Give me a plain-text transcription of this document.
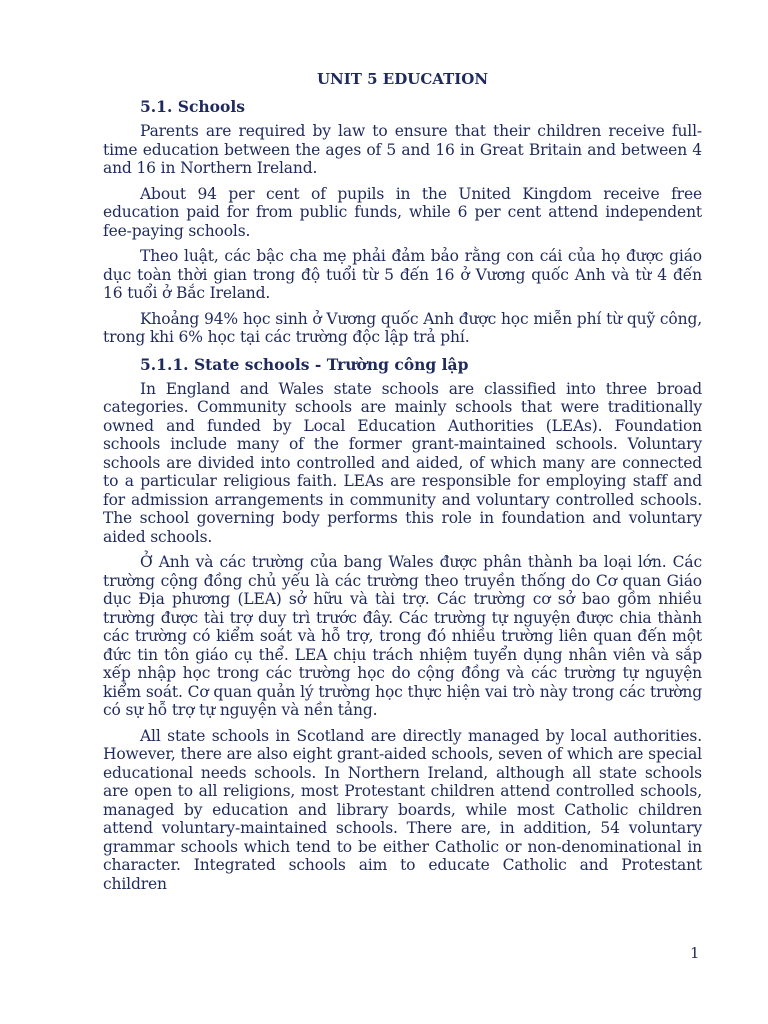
UNIT 5 EDUCATION
5.1. Schools

Parents are required by law to ensure that their children receive full-time education between the ages of 5 and 16 in Great Britain and between 4 and 16 in Northern Ireland.

About 94 per cent of pupils in the United Kingdom receive free education paid for from public funds, while 6 per cent attend independent fee-paying schools.

Theo luật, các bậc cha mẹ phải đảm bảo rằng con cái của họ được giáo dục toàn thời gian trong độ tuổi từ 5 đến 16 ở Vương quốc Anh và từ 4 đến 16 tuổi ở Bắc Ireland.

Khoảng 94% học sinh ở Vương quốc Anh được học miễn phí từ quỹ công, trong khi 6% học tại các trường độc lập trả phí.

5.1.1. State schools - Trường công lập

In England and Wales state schools are classified into three broad categories. Community schools are mainly schools that were traditionally owned and funded by Local Education Authorities (LEAs). Foundation schools include many of the former grant-maintained schools. Voluntary schools are divided into controlled and aided, of which many are connected to a particular religious faith. LEAs are responsible for employing staff and for admission arrangements in community and voluntary controlled schools. The school governing body performs this role in foundation and voluntary aided schools.

Ở Anh và các trường của bang Wales được phân thành ba loại lớn. Các trường cộng đồng chủ yếu là các trường theo truyền thống do Cơ quan Giáo dục Địa phương (LEA) sở hữu và tài trợ. Các trường cơ sở bao gồm nhiều trường được tài trợ duy trì trước đây. Các trường tự nguyện được chia thành các trường có kiểm soát và hỗ trợ, trong đó nhiều trường liên quan đến một đức tin tôn giáo cụ thể. LEA chịu trách nhiệm tuyển dụng nhân viên và sắp xếp nhập học trong các trường học do cộng đồng và các trường tự nguyện kiểm soát. Cơ quan quản lý trường học thực hiện vai trò này trong các trường có sự hỗ trợ tự nguyện và nền tảng.

All state schools in Scotland are directly managed by local authorities. However, there are also eight grant-aided schools, seven of which are special educational needs schools. In Northern Ireland, although all state schools are open to all religions, most Protestant children attend controlled schools, managed by education and library boards, while most Catholic children attend voluntary-maintained schools. There are, in addition, 54 voluntary grammar schools which tend to be either Catholic or non-denominational in character. Integrated schools aim to educate Catholic and Protestant children

1
